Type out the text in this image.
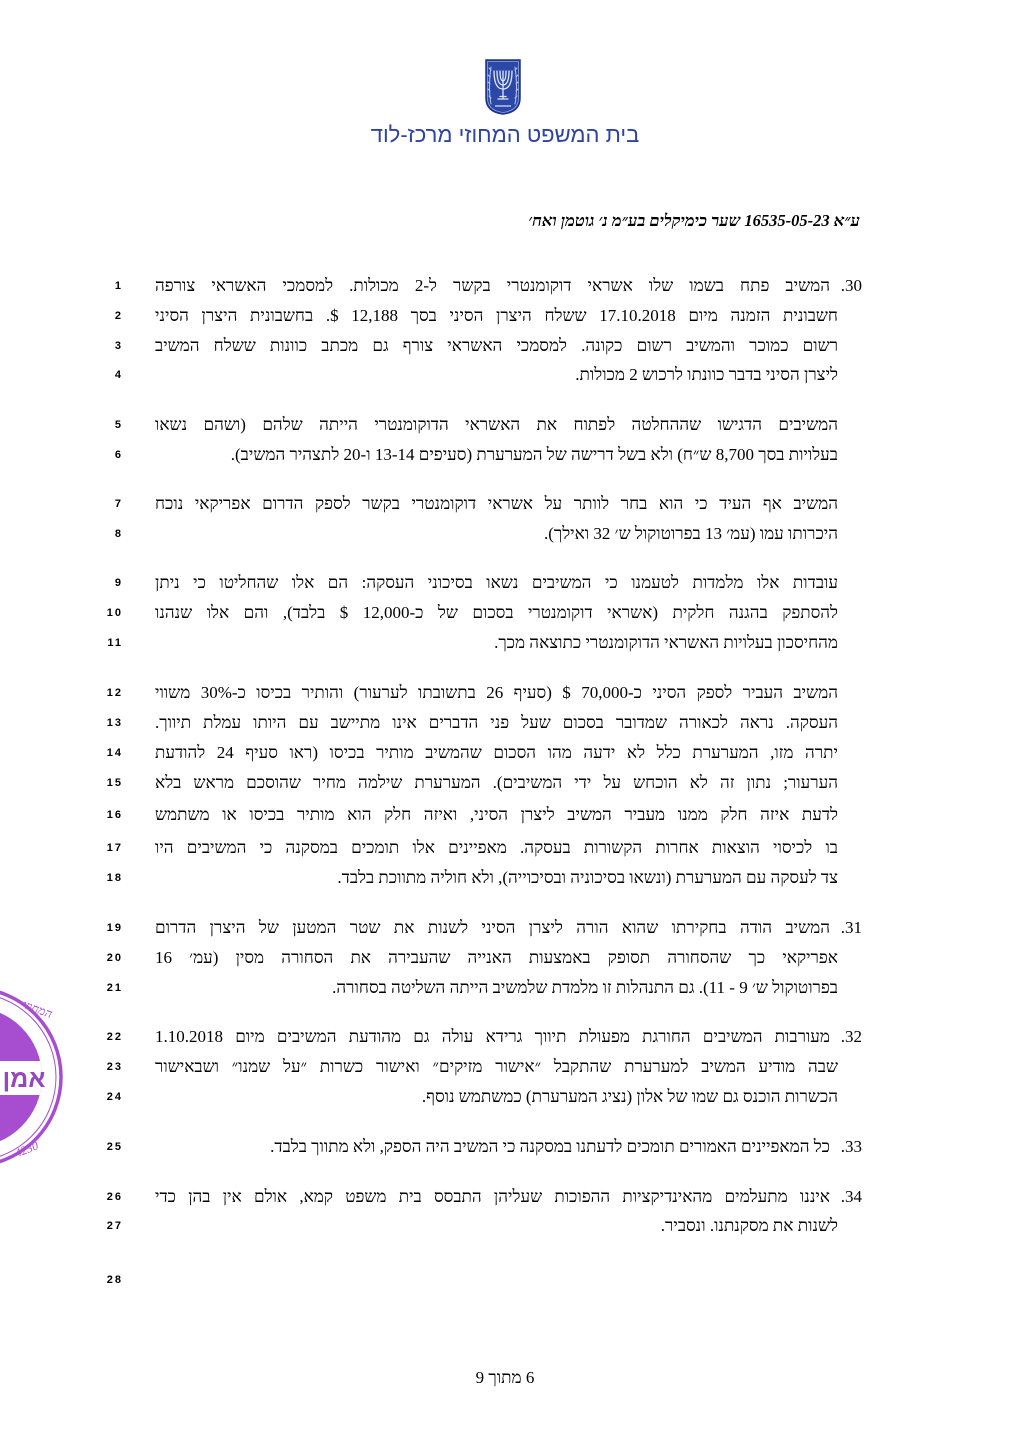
בית המשפט המחוזי מרכז-לוד
ע״א 16535-05-23 שער כימיקלים בע״מ נ׳ גוטמן ואח׳
1	30.
המשיב פתח בשמו שלו אשראי דוקומנטרי בקשר ל-2 מכולות. למסמכי האשראי צורפה
2 חשבונית הזמנה מיום 17.10.2018 ששלח היצרן הסיני בסך 12,188 $. בחשבונית היצרן הסיני
3 רשום כמוכר והמשיב רשום כקונה. למסמכי האשראי צורף גם מכתב כוונות ששלח המשיב
4	ליצרן הסיני בדבר כוונתו לרכוש 2 מכולות.
5 המשיבים הדגישו שההחלטה לפתוח את האשראי הדוקומנטרי הייתה שלהם (ושהם נשאו
6	בעלויות בסך 8,700 ש״ח) ולא בשל דרישה של המערערת (סעיפים 13-14 ו-20 לתצהיר המשיב).
7 המשיב אף העיד כי הוא בחר לוותר על אשראי דוקומנטרי בקשר לספק הדרום אפריקאי נוכח
8	היכרותו עמו (עמ׳ 13 בפרוטוקול ש׳ 32 ואילך).
9 עובדות אלו מלמדות לטעמנו כי המשיבים נשאו בסיכוני העסקה: הם אלו שהחליטו כי ניתן
10 להסתפק בהגנה חלקית (אשראי דוקומנטרי בסכום של כ-12,000 $ בלבד), והם אלו שנהנו
11	מהחיסכון בעלויות האשראי הדוקומנטרי כתוצאה מכך.
12 המשיב העביר לספק הסיני כ-70,000 $ (סעיף 26 בתשובתו לערעור) והותיר בכיסו כ-30% משווי
13 העסקה. נראה לכאורה שמדובר בסכום שעל פני הדברים אינו מתיישב עם היותו עמלת תיווך.
14 יתרה מזו, המערערת כלל לא ידעה מהו הסכום שהמשיב מותיר בכיסו (ראו סעיף 24 להודעת
15 הערעור; נתון זה לא הוכחש על ידי המשיבים). המערערת שילמה מחיר שהוסכם מראש בלא
16 לדעת איזה חלק ממנו מעביר המשיב ליצרן הסיני, ואיזה חלק הוא מותיר בכיסו או משתמש
17 בו לכיסוי הוצאות אחרות הקשורות בעסקה. מאפיינים אלו תומכים במסקנה כי המשיבים היו
18	צד לעסקה עם המערערת (ונשאו בסיכוניה ובסיכוייה), ולא חוליה מתווכת בלבד.
19	31.
המשיב הודה בחקירתו שהוא הורה ליצרן הסיני לשנות את שטר המטען של היצרן הדרום
20 אפריקאי כך שהסחורה תסופק באמצעות האנייה שהעבירה את הסחורה מסין (עמ׳ 16
21	בפרוטוקול ש׳ 9 - 11). גם התנהלות זו מלמדת שלמשיב הייתה השליטה בסחורה.
22	32.
מעורבות המשיבים החורגת מפעולת תיווך גרידא עולה גם מהודעת המשיבים מיום 1.10.2018
23 שבה מודיע המשיב למערערת שהתקבל ״אישור מזיקים״ ואישור כשרות ״על שמנו״ ושבאישור
24	הכשרות הוכנס גם שמו של אלון (נציג המערערת) כמשתמש נוסף.
25	33.
כל המאפיינים האמורים תומכים לדעתנו במסקנה כי המשיב היה הספק, ולא מתווך בלבד.
26	34.
איננו מתעלמים מהאינדיקציות ההפוכות שעליהן התבסס בית משפט קמא, אולם אין בהן כדי
27	לשנות את מסקנתנו. ונסביר.
28
6 מתוך 9
אמן
המחוזי
4230
